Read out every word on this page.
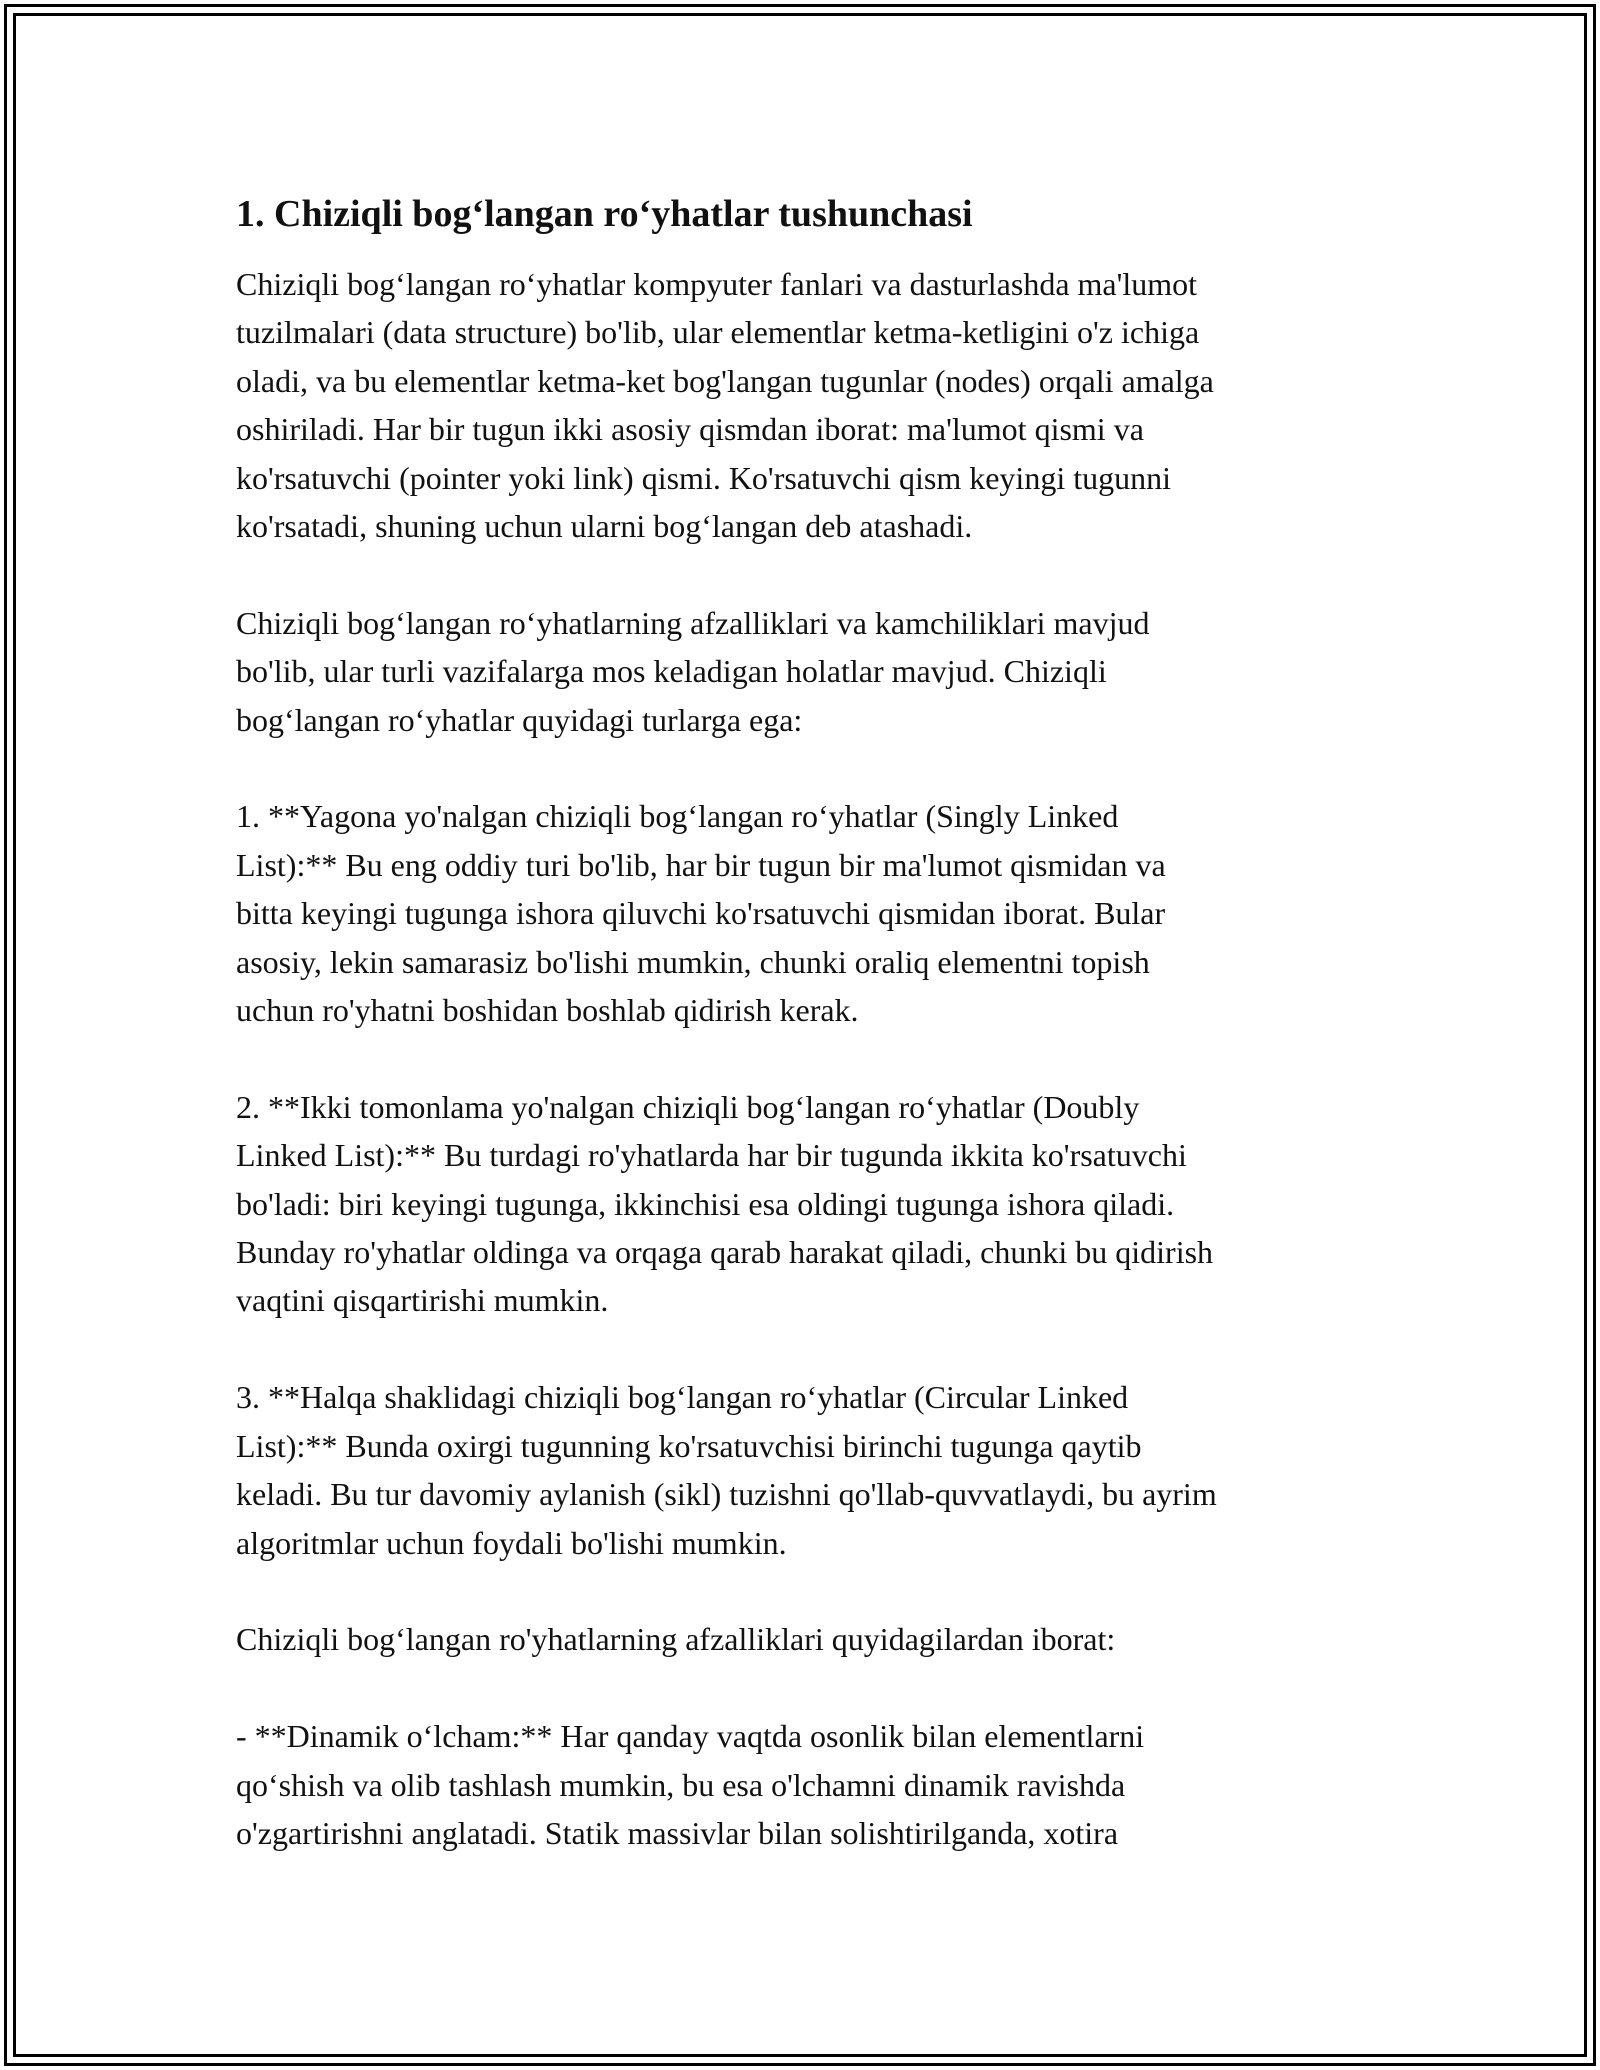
1. Chiziqli bog‘langan ro‘yhatlar tushunchasi

Chiziqli bog‘langan ro‘yhatlar kompyuter fanlari va dasturlashda ma'lumot
tuzilmalari (data structure) bo'lib, ular elementlar ketma-ketligini o'z ichiga
oladi, va bu elementlar ketma-ket bog'langan tugunlar (nodes) orqali amalga
oshiriladi. Har bir tugun ikki asosiy qismdan iborat: ma'lumot qismi va
ko'rsatuvchi (pointer yoki link) qismi. Ko'rsatuvchi qism keyingi tugunni
ko'rsatadi, shuning uchun ularni bog‘langan deb atashadi.

Chiziqli bog‘langan ro‘yhatlarning afzalliklari va kamchiliklari mavjud
bo'lib, ular turli vazifalarga mos keladigan holatlar mavjud. Chiziqli
bog‘langan ro‘yhatlar quyidagi turlarga ega:

1. **Yagona yo'nalgan chiziqli bog‘langan ro‘yhatlar (Singly Linked
List):** Bu eng oddiy turi bo'lib, har bir tugun bir ma'lumot qismidan va
bitta keyingi tugunga ishora qiluvchi ko'rsatuvchi qismidan iborat. Bular
asosiy, lekin samarasiz bo'lishi mumkin, chunki oraliq elementni topish
uchun ro'yhatni boshidan boshlab qidirish kerak.

2. **Ikki tomonlama yo'nalgan chiziqli bog‘langan ro‘yhatlar (Doubly
Linked List):** Bu turdagi ro'yhatlarda har bir tugunda ikkita ko'rsatuvchi
bo'ladi: biri keyingi tugunga, ikkinchisi esa oldingi tugunga ishora qiladi.
Bunday ro'yhatlar oldinga va orqaga qarab harakat qiladi, chunki bu qidirish
vaqtini qisqartirishi mumkin.

3. **Halqa shaklidagi chiziqli bog‘langan ro‘yhatlar (Circular Linked
List):** Bunda oxirgi tugunning ko'rsatuvchisi birinchi tugunga qaytib
keladi. Bu tur davomiy aylanish (sikl) tuzishni qo'llab-quvvatlaydi, bu ayrim
algoritmlar uchun foydali bo'lishi mumkin.

Chiziqli bog‘langan ro'yhatlarning afzalliklari quyidagilardan iborat:

- **Dinamik o‘lcham:** Har qanday vaqtda osonlik bilan elementlarni
qo‘shish va olib tashlash mumkin, bu esa o'lchamni dinamik ravishda
o'zgartirishni anglatadi. Statik massivlar bilan solishtirilganda, xotira
